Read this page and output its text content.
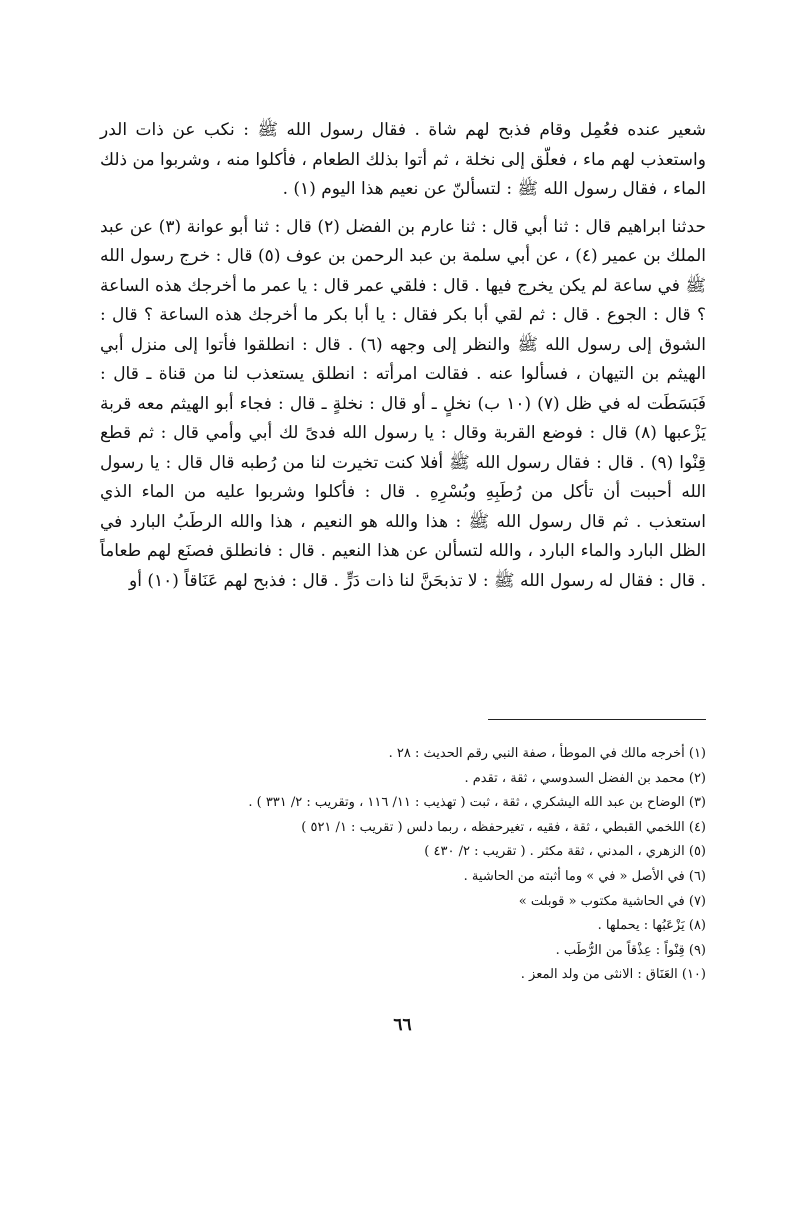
شعير عنده فعُمِل وقام فذبح لهم شاة . فقال رسول الله ﷺ : نكب عن ذات الدر واستعذب لهم ماء ، فعلّق إلى نخلة ، ثم أتوا بذلك الطعام ، فأكلوا منه ، وشربوا من ذلك الماء ، فقال رسول الله ﷺ : لتسألنّ عن نعيم هذا اليوم (١) .

حدثنا ابراهيم قال : ثنا أبي قال : ثنا عارم بن الفضل (٢) قال : ثنا أبو عوانة (٣) عن عبد الملك بن عمير (٤) ، عن أبي سلمة بن عبد الرحمن بن عوف (٥) قال : خرج رسول الله ﷺ في ساعة لم يكن يخرج فيها . قال : فلقي عمر قال : يا عمر ما أخرجك هذه الساعة ؟ قال : الجوع . قال : ثم لقي أبا بكر فقال : يا أبا بكر ما أخرجك هذه الساعة ؟ قال : الشوق إلى رسول الله ﷺ والنظر إلى وجهه (٦) . قال : انطلقوا فأتوا إلى منزل أبي الهيثم بن التيهان ، فسألوا عنه . فقالت امرأته : انطلق يستعذب لنا من قناة ـ قال : فَبَسَطَت له في ظل (٧) (١٠ ب) نخلٍ ـ أو قال : نخلةٍ ـ قال : فجاء أبو الهيثم معه قربة يَزْعبها (٨) قال : فوضع القربة وقال : يا رسول الله فدىً لك أبي وأمي قال : ثم قطع قِنْوا (٩) . قال : فقال رسول الله ﷺ أفلا كنت تخيرت لنا من رُطبه قال قال : يا رسول الله أحببت أن تأكل من رُطَبِهِ وبُسْرِهِ . قال : فأكلوا وشربوا عليه من الماء الذي استعذب . ثم قال رسول الله ﷺ : هذا والله هو النعيم ، هذا والله الرطَبُ البارد في الظل البارد والماء البارد ، والله لتسألن عن هذا النعيم . قال : فانطلق فصنَع لهم طعاماً . قال : فقال له رسول الله ﷺ : لا تذبحَنَّ لنا ذات دَرٍّ . قال : فذبح لهم عَنَاقاً (١٠) أو

(١) أخرجه مالك في الموطأ ، صفة النبي رقم الحديث : ٢٨ .

(٢) محمد بن الفضل السدوسي ، ثقة ، تقدم .

(٣) الوضاح بن عبد الله اليشكري ، ثقة ، ثبت ( تهذيب : ١١/ ١١٦ ، وتقريب : ٢/ ٣٣١ ) .

(٤) اللخمي القبطي ، ثقة ، فقيه ، تغيرحفظه ، ربما دلس ( تقريب : ١/ ٥٢١ )

(٥) الزهري ، المدني ، ثقة مكثر . ( تقريب : ٢/ ٤٣٠ )

(٦) في الأصل « في » وما أثبته من الحاشية .

(٧) في الحاشية مكتوب « قوبلت »

(٨) يَزْعَبُها : يحملها .

(٩) قِنْواً : عِذْقاً من الرُّطَب .

(١٠) العَنَاق : الانثى من ولد المعز .

٦٦
